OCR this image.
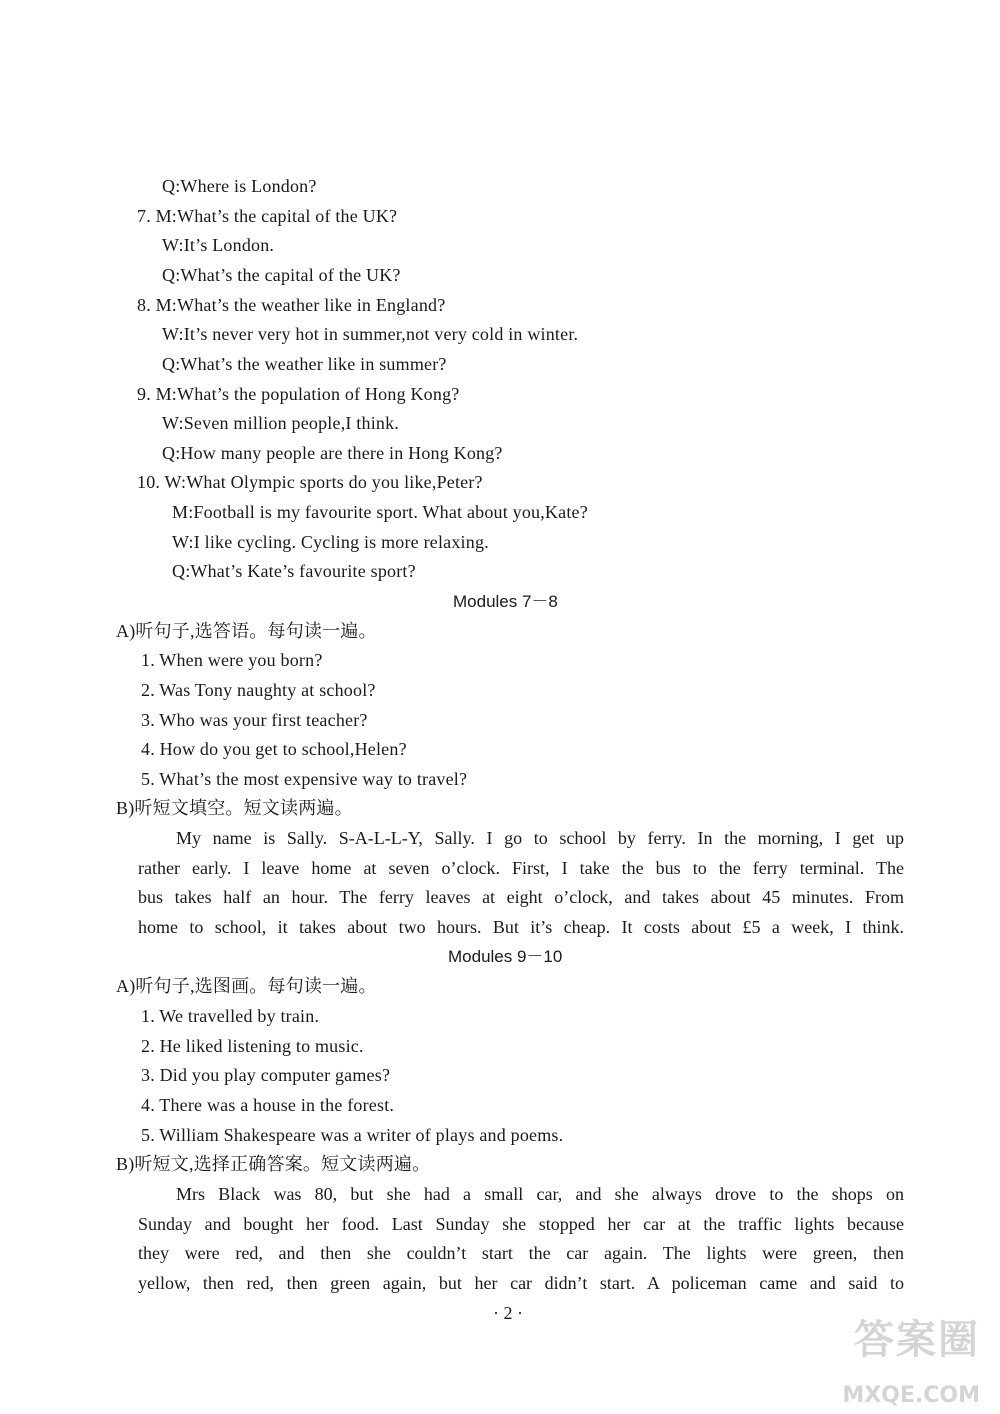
Q:Where is London?
7. M:What’s the capital of the UK?
W:It’s London.
Q:What’s the capital of the UK?
8. M:What’s the weather like in England?
W:It’s never very hot in summer,not very cold in winter.
Q:What’s the weather like in summer?
9. M:What’s the population of Hong Kong?
W:Seven million people,I think.
Q:How many people are there in Hong Kong?
10. W:What Olympic sports do you like,Peter?
M:Football is my favourite sport. What about you,Kate?
W:I like cycling. Cycling is more relaxing.
Q:What’s Kate’s favourite sport?
Modules 7－8
A)听句子,选答语。每句读一遍。
1. When were you born?
2. Was Tony naughty at school?
3. Who was your first teacher?
4. How do you get to school,Helen?
5. What’s the most expensive way to travel?
B)听短文填空。短文读两遍。
My name is Sally. S-A-L-L-Y, Sally. I go to school by ferry. In the morning, I get up
rather early. I leave home at seven o’clock. First, I take the bus to the ferry terminal. The
bus takes half an hour. The ferry leaves at eight o’clock, and takes about 45 minutes. From
home to school, it takes about two hours. But it’s cheap. It costs about £5 a week, I think.
Modules 9－10
A)听句子,选图画。每句读一遍。
1. We travelled by train.
2. He liked listening to music.
3. Did you play computer games?
4. There was a house in the forest.
5. William Shakespeare was a writer of plays and poems.
B)听短文,选择正确答案。短文读两遍。
Mrs Black was 80, but she had a small car, and she always drove to the shops on
Sunday and bought her food. Last Sunday she stopped her car at the traffic lights because
they were red, and then she couldn’t start the car again. The lights were green, then
yellow, then red, then green again, but her car didn’t start. A policeman came and said to
· 2 ·
答案圈
MXQE.COM
